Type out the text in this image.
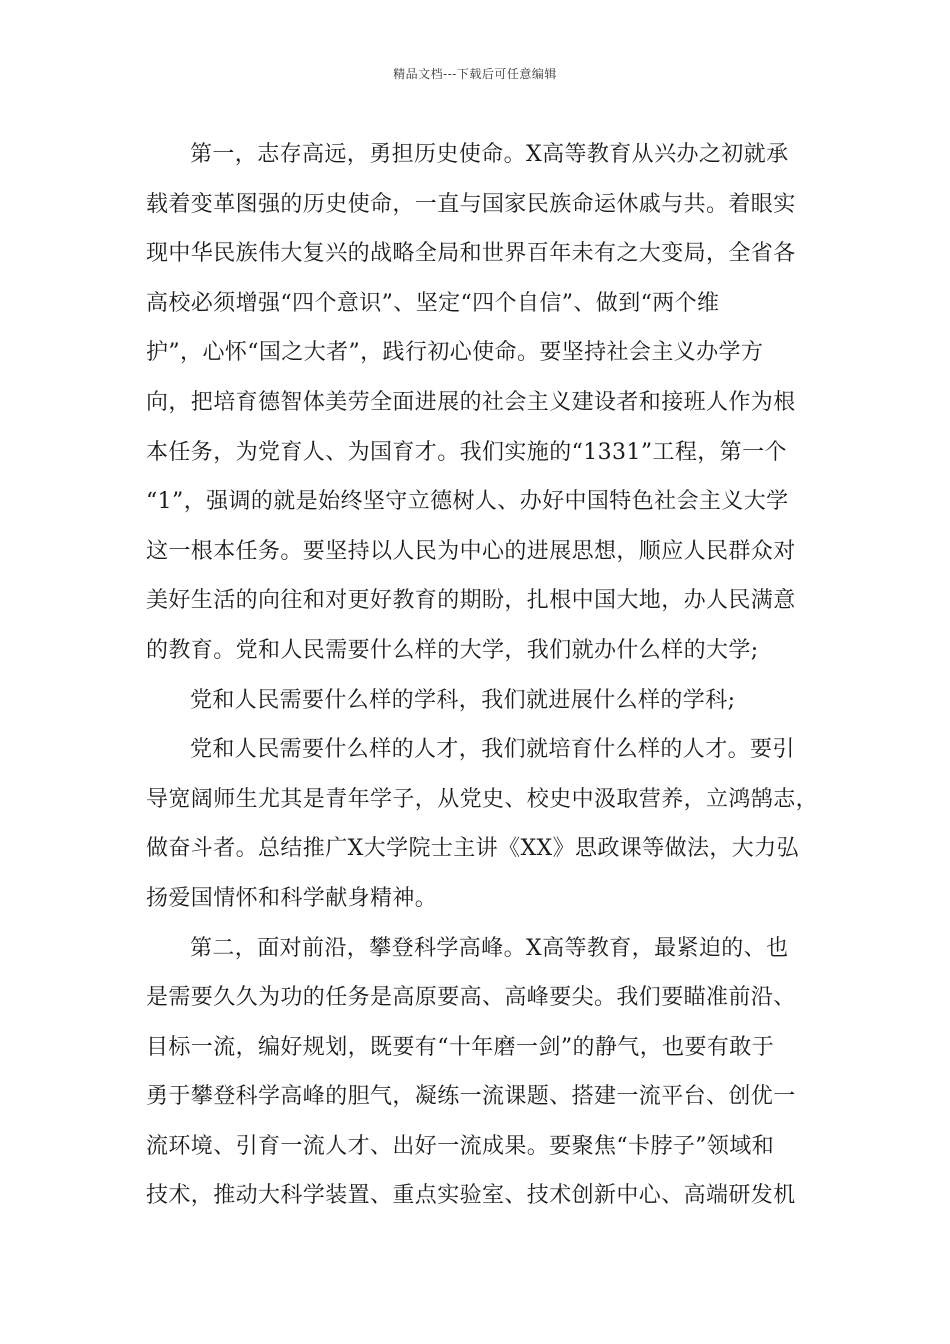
精品文档---下载后可任意编辑
第一，志存高远，勇担历史使命。X高等教育从兴办之初就承
载着变革图强的历史使命，一直与国家民族命运休戚与共。着眼实
现中华民族伟大复兴的战略全局和世界百年未有之大变局，全省各
高校必须增强“四个意识”、坚定“四个自信”、做到“两个维
护”，心怀“国之大者”，践行初心使命。要坚持社会主义办学方
向，把培育德智体美劳全面进展的社会主义建设者和接班人作为根
本任务，为党育人、为国育才。我们实施的“1331”工程，第一个
“1”，强调的就是始终坚守立德树人、办好中国特色社会主义大学
这一根本任务。要坚持以人民为中心的进展思想，顺应人民群众对
美好生活的向往和对更好教育的期盼，扎根中国大地，办人民满意
的教育。党和人民需要什么样的大学，我们就办什么样的大学;
党和人民需要什么样的学科，我们就进展什么样的学科;
党和人民需要什么样的人才，我们就培育什么样的人才。要引
导宽阔师生尤其是青年学子，从党史、校史中汲取营养，立鸿鹄志，
做奋斗者。总结推广X大学院士主讲《XX》思政课等做法，大力弘
扬爱国情怀和科学献身精神。
第二，面对前沿，攀登科学高峰。X高等教育，最紧迫的、也
是需要久久为功的任务是高原要高、高峰要尖。我们要瞄准前沿、
目标一流，编好规划，既要有“十年磨一剑”的静气，也要有敢于
勇于攀登科学高峰的胆气，凝练一流课题、搭建一流平台、创优一
流环境、引育一流人才、出好一流成果。要聚焦“卡脖子”领域和
技术，推动大科学装置、重点实验室、技术创新中心、高端研发机
